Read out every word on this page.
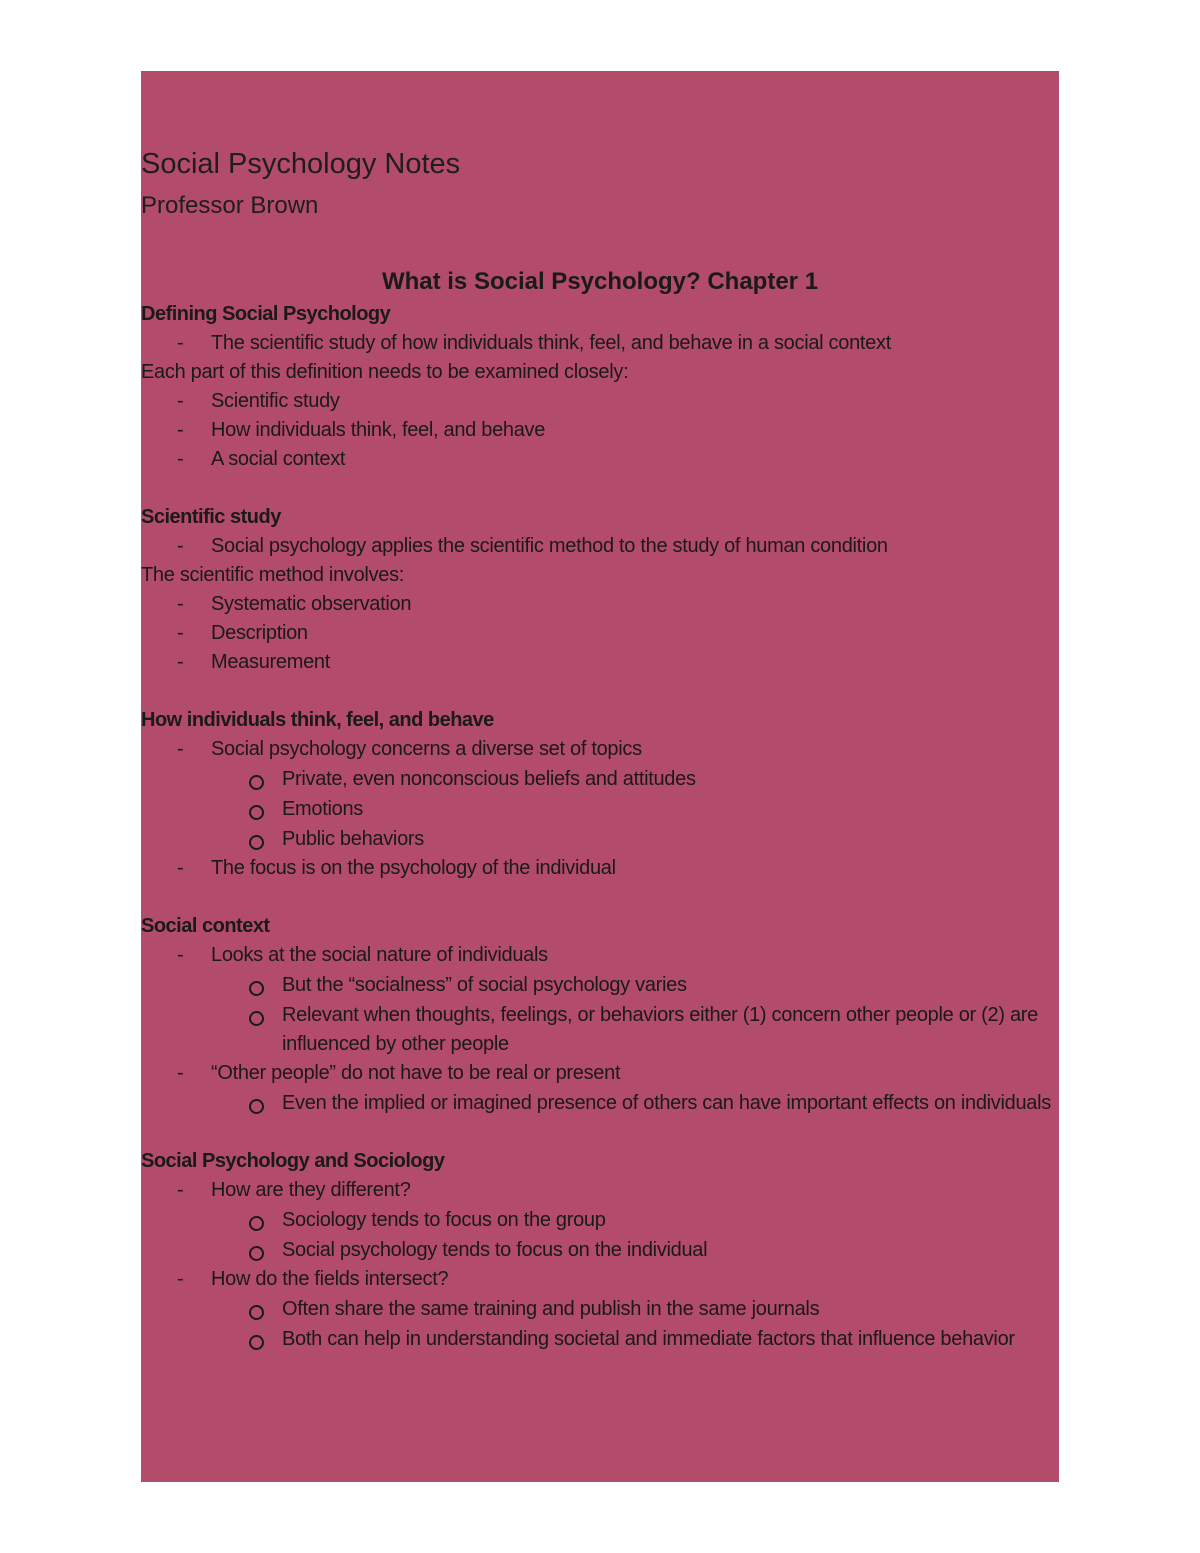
Social Psychology Notes
Professor Brown
What is Social Psychology? Chapter 1
Defining Social Psychology
- The scientific study of how individuals think, feel, and behave in a social context
Each part of this definition needs to be examined closely:
- Scientific study
- How individuals think, feel, and behave
- A social context
Scientific study
- Social psychology applies the scientific method to the study of human condition
The scientific method involves:
- Systematic observation
- Description
- Measurement
How individuals think, feel, and behave
- Social psychology concerns a diverse set of topics
Private, even nonconscious beliefs and attitudes
Emotions
Public behaviors
- The focus is on the psychology of the individual
Social context
- Looks at the social nature of individuals
But the “socialness” of social psychology varies
Relevant when thoughts, feelings, or behaviors either (1) concern other people or (2) are influenced by other people
- “Other people” do not have to be real or present
Even the implied or imagined presence of others can have important effects on individuals
Social Psychology and Sociology
- How are they different?
Sociology tends to focus on the group
Social psychology tends to focus on the individual
- How do the fields intersect?
Often share the same training and publish in the same journals
Both can help in understanding societal and immediate factors that influence behavior
